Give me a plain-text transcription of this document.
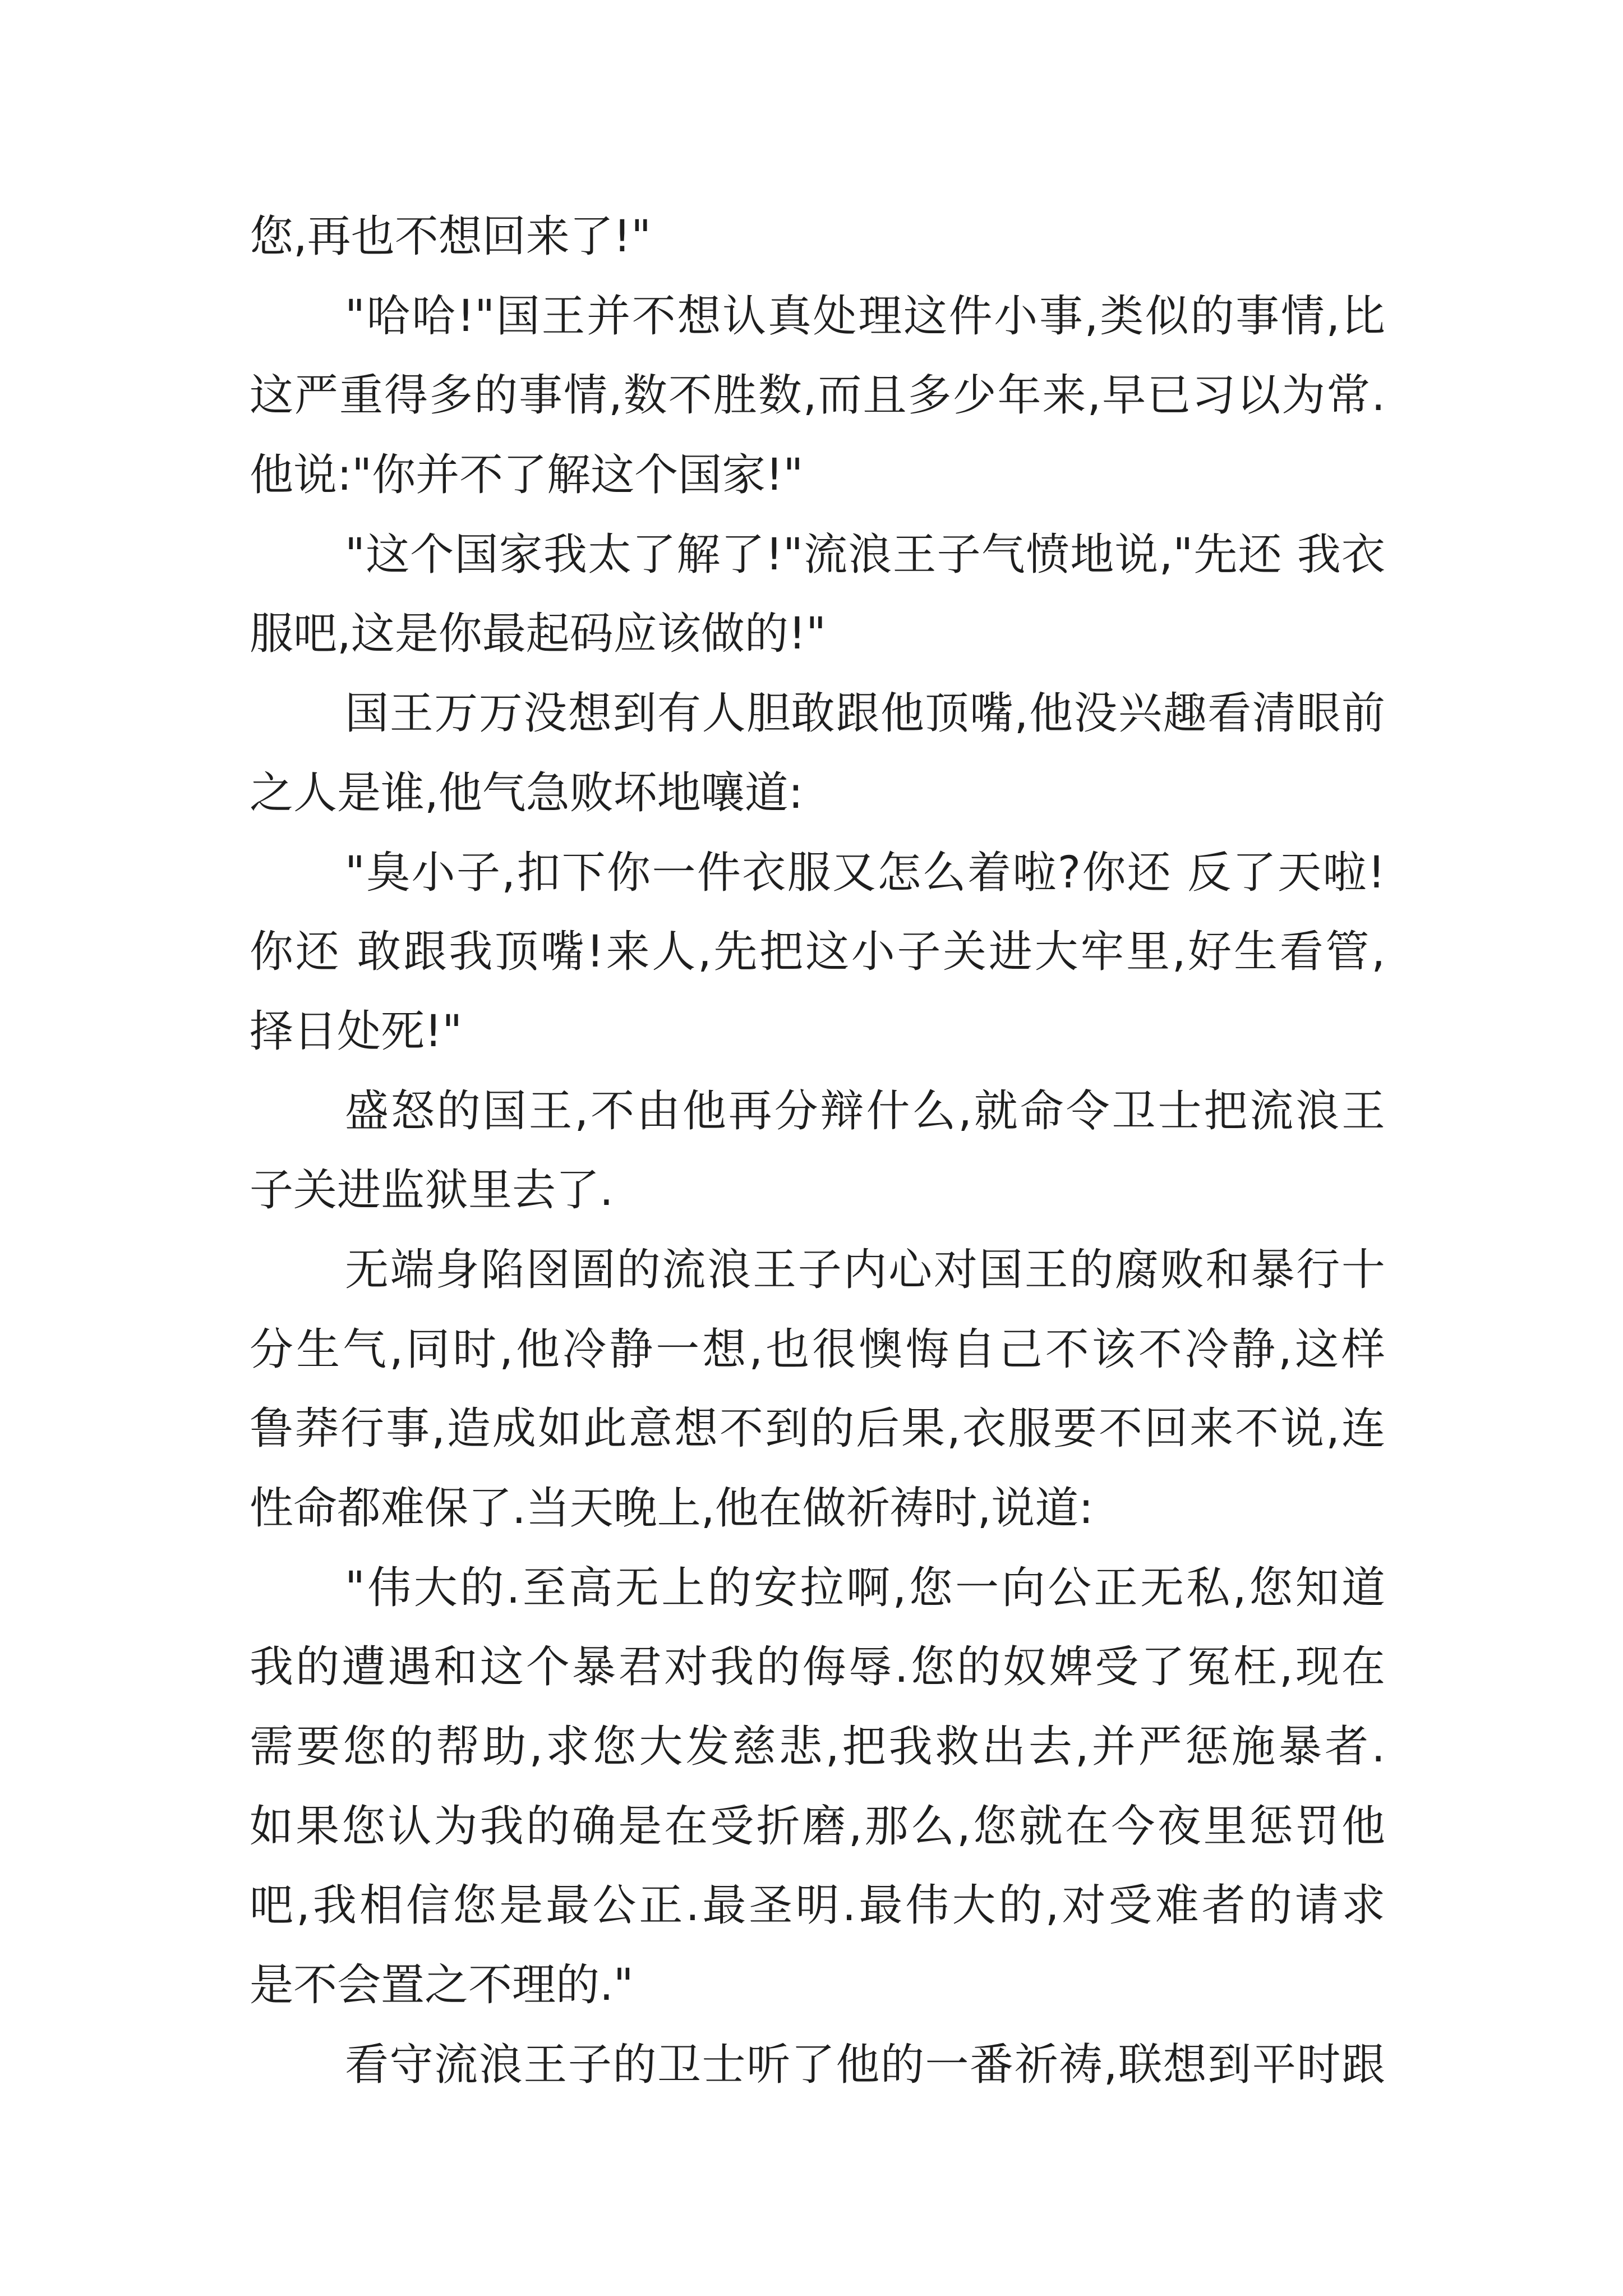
您,再也不想回来了!"
"哈哈!"国王并不想认真处理这件小事,类似的事情,比
这严重得多的事情,数不胜数,而且多少年来,早已习以为常.
他说:"你并不了解这个国家!"
"这个国家我太了解了!"流浪王子气愤地说,"先还 我衣
服吧,这是你最起码应该做的!"
国王万万没想到有人胆敢跟他顶嘴,他没兴趣看清眼前
之人是谁,他气急败坏地嚷道:
"臭小子,扣下你一件衣服又怎么着啦?你还 反了天啦!
你还 敢跟我顶嘴!来人,先把这小子关进大牢里,好生看管,
择日处死!"
盛怒的国王,不由他再分辩什么,就命令卫士把流浪王
子关进监狱里去了.
无端身陷囹圄的流浪王子内心对国王的腐败和暴行十
分生气,同时,他冷静一想,也很懊悔自己不该不冷静,这样
鲁莽行事,造成如此意想不到的后果,衣服要不回来不说,连
性命都难保了.当天晚上,他在做祈祷时,说道:
"伟大的.至高无上的安拉啊,您一向公正无私,您知道
我的遭遇和这个暴君对我的侮辱.您的奴婢受了冤枉,现在
需要您的帮助,求您大发慈悲,把我救出去,并严惩施暴者.
如果您认为我的确是在受折磨,那么,您就在今夜里惩罚他
吧,我相信您是最公正.最圣明.最伟大的,对受难者的请求
是不会置之不理的."
看守流浪王子的卫士听了他的一番祈祷,联想到平时跟
